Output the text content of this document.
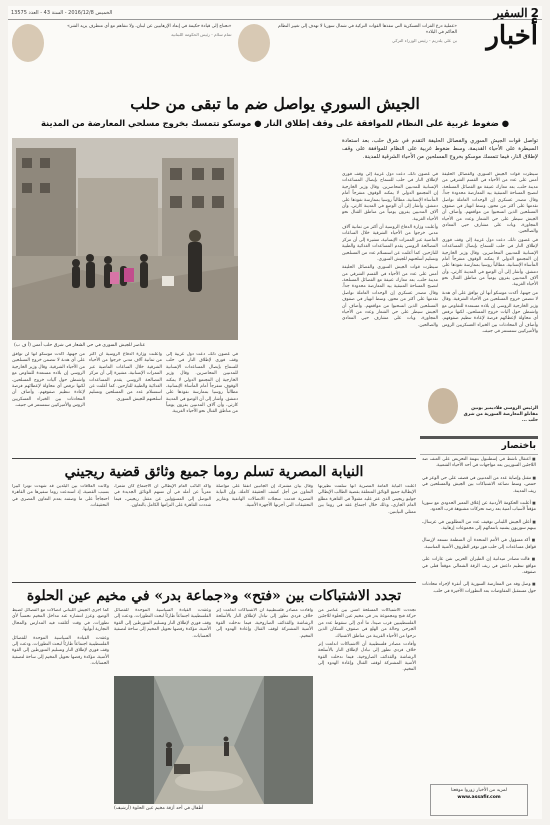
2
السفير
الخميس 2016/12/8 - السنة 43 - العدد 13575
أخبار
«عملية درع الفرات العسكرية التي تنفذها القوات التركية في شمال سوريا لا تهدف إلى تغيير النظام الحاكم في البلاد»
بن علي يلدريم - رئيس الوزراء التركي
«نحتاج إلى قيادة حكيمة في إبعاد الإرهابيين عن لبنان، ولا نتفاهم مع أي متطرف يريد الشر»
تمام سلام - رئيس الحكومة اللبنانية
الجيش السوري يواصل ضم ما تبقى من حلب
● ضغوط غربية على النظام للموافقة على وقف إطلاق النار ● موسكو تتمسك بخروج مسلحي المعارضة من المدينة
تواصل قوات الجيش السوري والفصائل الحليفة التقدم في شرق حلب، بعد استعادة السيطرة على الأحياء القديمة، وسط ضغوط غربية على النظام للموافقة على وقف لإطلاق النار، فيما تتمسك موسكو بخروج المسلحين من الأحياء الشرقية للمدينة.

سيطرت قوات الجيش السوري والفصائل الحليفة أمس على عدد من الأحياء في القسم الشرقي من مدينة حلب، بعد معارك عنيفة مع الفصائل المسلحة، لتصبح المساحة المتبقية بيد المعارضة محدودة جداً. وقال مصدر عسكري إن الوحدات العاملة تواصل تقدمها على أكثر من محور، وسط انهيار في صفوف المسلحين الذين انسحبوا من مواقعهم. وأضاف أن الجيش سيطر على حي الشعار وعدد من الأحياء المجاورة، وبات على مشارف حيي المعادي والصالحين.

في غضون ذلك، دعت دول غربية إلى وقف فوري لإطلاق النار في حلب للسماح بإيصال المساعدات الإنسانية للمدنيين المحاصرين. وقال وزير الخارجية إن المجتمع الدولي لا يمكنه الوقوف متفرجاً أمام المأساة الإنسانية، مطالباً روسيا بممارسة نفوذها على دمشق. وأشار إلى أن الوضع في المدينة كارثي، وأن آلاف المدنيين يفرون يومياً من مناطق القتال نحو الأحياء الغربية.

من جهتها، أكدت موسكو أنها لن توافق على أي هدنة لا تتضمن خروج المسلحين من الأحياء الشرقية. وقال وزير الخارجية الروسي إن بلاده مستعدة للتفاوض مع واشنطن حول آليات خروج المسلحين، لكنها ترفض أي محاولة لإعطائهم فرصة لإعادة تنظيم صفوفهم. وأضاف أن المحادثات بين الخبراء العسكريين الروس والأميركيين ستستمر في جنيف.

في غضون ذلك، دعت دول غربية إلى وقف فوري لإطلاق النار في حلب للسماح بإيصال المساعدات الإنسانية للمدنيين المحاصرين. وقال وزير الخارجية إن المجتمع الدولي لا يمكنه الوقوف متفرجاً أمام المأساة الإنسانية، مطالباً روسيا بممارسة نفوذها على دمشق. وأشار إلى أن الوضع في المدينة كارثي، وأن آلاف المدنيين يفرون يومياً من مناطق القتال نحو الأحياء الغربية.

وأعلنت وزارة الدفاع الروسية أن أكثر من ثمانية آلاف مدني خرجوا من الأحياء الشرقية خلال الساعات الماضية عبر الممرات الإنسانية، مشيرة إلى أن مركز المصالحة الروسي يقدم المساعدات الغذائية والطبية للنازحين. كما أعلنت عن استسلام عدد من المسلحين وتسليم أسلحتهم للجيش السوري.

سيطرت قوات الجيش السوري والفصائل الحليفة أمس على عدد من الأحياء في القسم الشرقي من مدينة حلب، بعد معارك عنيفة مع الفصائل المسلحة، لتصبح المساحة المتبقية بيد المعارضة محدودة جداً. وقال مصدر عسكري إن الوحدات العاملة تواصل تقدمها على أكثر من محور، وسط انهيار في صفوف المسلحين الذين انسحبوا من مواقعهم. وأضاف أن الجيش سيطر على حي الشعار وعدد من الأحياء المجاورة، وبات على مشارف حيي المعادي والصالحين.

عناصر للجيش السوري في حي الشعار في شرق حلب أمس (أ ف ب)

من جهتها، أكدت موسكو أنها لن توافق على أي هدنة لا تتضمن خروج المسلحين من الأحياء الشرقية. وقال وزير الخارجية الروسي إن بلاده مستعدة للتفاوض مع واشنطن حول آليات خروج المسلحين، لكنها ترفض أي محاولة لإعطائهم فرصة لإعادة تنظيم صفوفهم. وأضاف أن المحادثات بين الخبراء العسكريين الروس والأميركيين ستستمر في جنيف.

وأعلنت وزارة الدفاع الروسية أن أكثر من ثمانية آلاف مدني خرجوا من الأحياء الشرقية خلال الساعات الماضية عبر الممرات الإنسانية، مشيرة إلى أن مركز المصالحة الروسي يقدم المساعدات الغذائية والطبية للنازحين. كما أعلنت عن استسلام عدد من المسلحين وتسليم أسلحتهم للجيش السوري.

في غضون ذلك، دعت دول غربية إلى وقف فوري لإطلاق النار في حلب للسماح بإيصال المساعدات الإنسانية للمدنيين المحاصرين. وقال وزير الخارجية إن المجتمع الدولي لا يمكنه الوقوف متفرجاً أمام المأساة الإنسانية، مطالباً روسيا بممارسة نفوذها على دمشق. وأشار إلى أن الوضع في المدينة كارثي، وأن آلاف المدنيين يفرون يومياً من مناطق القتال نحو الأحياء الغربية.

الرئيس الروسي فلاديمير بوتين
مقاتلو المعارضة السورية من شرق حلب ...
باختصار
■ اعتقال ناشط في إسطنبول بتهمة التحريض على العنف ضد اللاجئين السوريين بعد مواجهات في أحد الأحياء الشعبية.
■ مقتل وإصابة عدد من المدنيين في قصف على حي الوعر في حمص، وسط تصاعد الاشتباكات بين الجيش والمسلحين في ريف المدينة.
■ أعلنت الحكومة الأردنية عن إغلاق المعبر الحدودي مع سوريا مؤقتاً لأسباب أمنية بعد رصد تحركات مشبوهة قرب الحدود.
■ أعلن الجيش اللبناني توقيف عدد من المطلوبين في عرسال، بينهم سوريون يشتبه بانتمائهم إلى مجموعات إرهابية.
■ أكد مسؤول في الأمم المتحدة أن المنظمة تستعد لإرسال قوافل مساعدات إلى حلب فور توفر الظروف الأمنية المناسبة.
■ قالت مصادر ميدانية إن الطيران الحربي شن غارات على مواقع تنظيم داعش في ريف الرقة الشمالي موقعاً قتلى في صفوفه.
■ وصل وفد من المعارضة السورية إلى أنقرة لإجراء محادثات حول مستقبل المفاوضات بعد التطورات الأخيرة في حلب.
لمزيد من الأخبار زوروا موقعنا
www.assafir.com
النيابة المصرية تسلم روما جميع وثائق قضية ريجيني

وكانت العلاقات بين البلدين قد شهدت توتراً كبيراً بسبب القضية، إذ استدعت روما سفيرها من القاهرة احتجاجاً على ما وصفته بعدم التعاون المصري في التحقيقات.

وأكد النائب العام الإيطالي أن الاجتماع كان مثمراً، معرباً عن أمله في أن تسهم الوثائق الجديدة في التوصل إلى المسؤولين عن مقتل ريجيني، فيما شددت القاهرة على التزامها الكامل بالتعاون.

وقال بيان مشترك إن الجانبين اتفقا على مواصلة التعاون من أجل كشف الحقيقة كاملة، وإن النيابة المصرية قدمت سجلات الاتصالات الهاتفية وتقارير التحقيقات التي أجرتها الأجهزة الأمنية.

أعلنت النيابة العامة المصرية أنها سلمت نظيرتها الإيطالية جميع الوثائق المتعلقة بقضية الطالب الإيطالي جوليو ريجيني الذي عثر عليه مقتولاً في القاهرة مطلع العام الجاري، وذلك خلال اجتماع عقد في روما بين ممثلي النيابتين.

تجدد الاشتباكات بين «فتح» و«جماعة بدر» في مخيم عين الحلوة

كما أجرى الجيش اللبناني اتصالات مع الفصائل لضبط الوضع، وعزز انتشاره عند مداخل المخيم تحسباً لأي تطورات، في وقت أغلقت فيه المدارس والمحال التجارية أبوابها.

وعقدت القيادة السياسية الموحدة للفصائل الفلسطينية اجتماعاً طارئاً لبحث التطورات، ودعت إلى وقف فوري لإطلاق النار وتسليم المتورطين إلى القوة الأمنية، مؤكدة رفضها تحويل المخيم إلى ساحة لتصفية الحسابات.

وعقدت القيادة السياسية الموحدة للفصائل الفلسطينية اجتماعاً طارئاً لبحث التطورات، ودعت إلى وقف فوري لإطلاق النار وتسليم المتورطين إلى القوة الأمنية، مؤكدة رفضها تحويل المخيم إلى ساحة لتصفية الحسابات.

وأفادت مصادر فلسطينية أن الاشتباكات اندلعت إثر خلاف فردي تطور إلى تبادل لإطلاق النار بالأسلحة الرشاشة والقذائف الصاروخية، فيما تدخلت القوة الأمنية المشتركة لوقف القتال وإعادة الهدوء إلى المخيم.

تجددت الاشتباكات المسلحة أمس بين عناصر من حركة فتح ومجموعة بدر في مخيم عين الحلوة للاجئين الفلسطينيين قرب صيدا، ما أدى إلى سقوط عدد من الجرحى وحالة من الهلع في صفوف السكان الذين نزحوا من الأحياء القريبة من مناطق الاشتباك.

وأفادت مصادر فلسطينية أن الاشتباكات اندلعت إثر خلاف فردي تطور إلى تبادل لإطلاق النار بالأسلحة الرشاشة والقذائف الصاروخية، فيما تدخلت القوة الأمنية المشتركة لوقف القتال وإعادة الهدوء إلى المخيم.

أطفال في أحد أزقة مخيم عين الحلوة (أرشيف)
